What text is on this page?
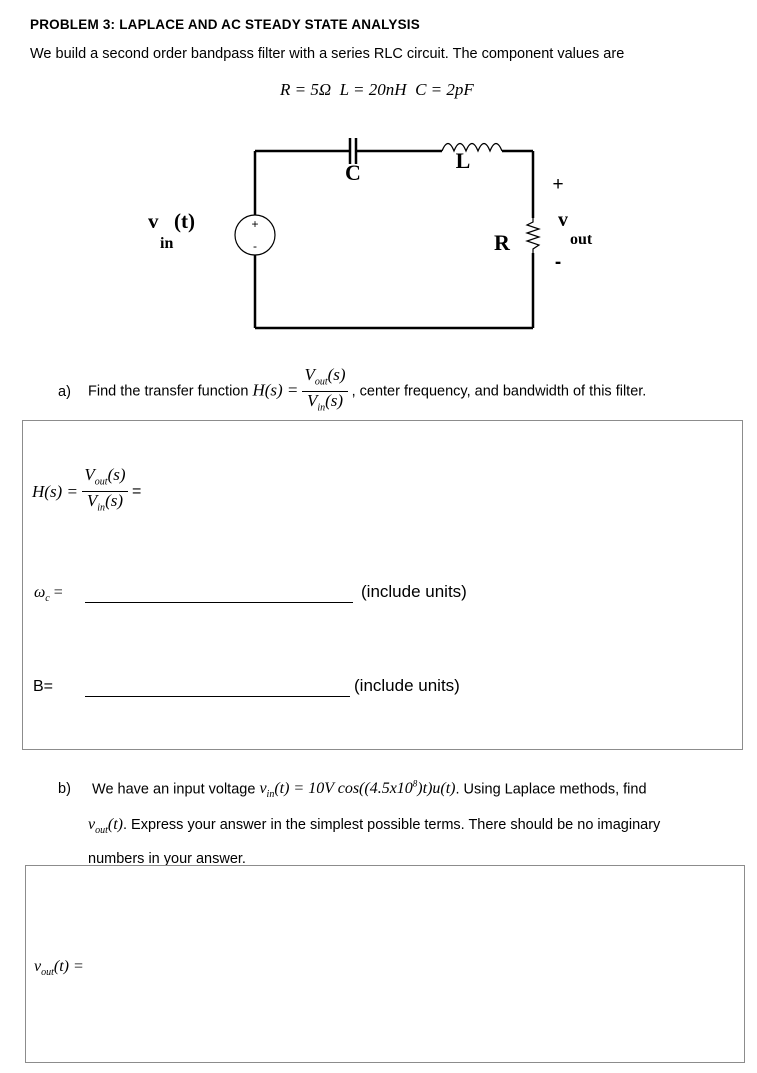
PROBLEM 3: LAPLACE AND AC STEADY STATE ANALYSIS
We build a second order bandpass filter with a series RLC circuit. The component values are
R = 5Ω L = 20nH C = 2pF
+
-
C	L
R
+
-
v
in
(t)	v
out
a) Find the transfer function $H(s) = \frac{V_{out}(s)}{V_{in}(s)}$ , center frequency, and bandwidth of this filter.
$H(s) = \frac{V_{out}(s)}{V_{in}(s)}$ =
$\omega_c$ =	(include units)
B=	(include units)
b) We have an input voltage $v_{in}(t) = 10V$ $\cos((4.5x10^8)t)u(t)$. Using Laplace methods, find
$v_{out}(t)$. Express your answer in the simplest possible terms. There should be no imaginary
numbers in your answer.
$v_{out}(t)$ =
